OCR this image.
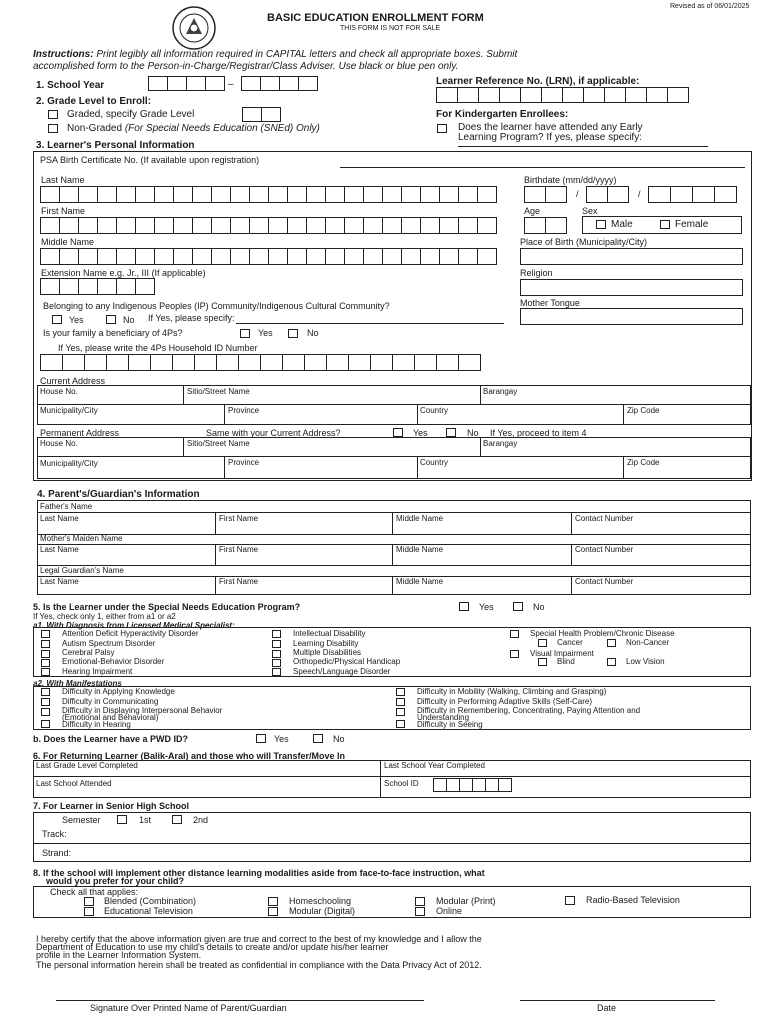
Revised as of 06/01/2025
BASIC EDUCATION ENROLLMENT FORM
THIS FORM IS NOT FOR SALE
Instructions: Print legibly all information required in CAPITAL letters and check all appropriate boxes. Submit
accomplished form to the Person-in-Charge/Registrar/Class Adviser. Use black or blue pen only.
1. School Year	–	Learner Reference No. (LRN), if applicable:
2. Grade Level to Enroll:
Graded, specify Grade Level
Non-Graded (For Special Needs Education (SNEd) Only)
For Kindergarten Enrollees:
Does the learner have attended any Early
Learning Program? If yes, please specify:
3. Learner's Personal Information
PSA Birth Certificate No. (If available upon registration)
Last Name
First Name
Middle Name
Extension Name e.g. Jr., III (If applicable)
Birthdate (mm/dd/yyyy)
/	/
Age	Sex
Male	Female
Place of Birth (Municipality/City)
Religion
Mother Tongue
Belonging to any Indigenous Peoples (IP) Community/Indigenous Cultural Community?
Yes	No If Yes, please specify:
Is your family a beneficiary of 4Ps?	Yes	No
If Yes, please write the 4Ps Household ID Number
Current Address
House No.	Sitio/Street Name	Barangay
Municipality/City	Province	Country	Zip Code
Permanent Address	Same with your Current Address?	Yes	No If Yes, proceed to item 4
House No.	Sitio/Street Name	Barangay
Municipality/City	Province	Country	Zip Code
4. Parent's/Guardian's Information
Father's Name
Last Name	First Name	Middle Name	Contact Number
Mother's Maiden Name
Last Name	First Name	Middle Name	Contact Number
Legal Guardian's Name
Last Name	First Name	Middle Name	Contact Number
5. Is the Learner under the Special Needs Education Program?	Yes	No
If Yes, check only 1, either from a1 or a2
a1. With Diagnosis from Licensed Medical Specialist:
Attention Deficit Hyperactivity Disorder
Autism Spectrum Disorder
Cerebral Palsy
Emotional-Behavior Disorder
Hearing Impairment
Intellectual Disability
Learning Disability
Multiple Disabilities
Orthopedic/Physical Handicap
Speech/Language Disorder
Special Health Problem/Chronic Disease
Cancer	Non-Cancer
Visual Impairment
Blind	Low Vision
a2. With Manifestations
Difficulty in Applying Knowledge
Difficulty in Communicating
Difficulty in Displaying Interpersonal Behavior
(Emotional and Behavioral)
Difficulty in Hearing
Difficulty in Mobility (Walking, Climbing and Grasping)
Difficulty in Performing Adaptive Skills (Self-Care)
Difficulty in Remembering, Concentrating, Paying Attention and
Understanding
Difficulty in Seeing
b. Does the Learner have a PWD ID?	Yes	No
6. For Returning Learner (Balik-Aral) and those who will Transfer/Move In
Last Grade Level Completed	Last School Year Completed
Last School Attended	School ID
7. For Learner in Senior High School
Semester	1st	2nd
Track:
Strand:
8. If the school will implement other distance learning modalities aside from face-to-face instruction, what
would you prefer for your child?
Check all that applies:
Blended (Combination)	Homeschooling	Modular (Print)	Radio-Based Television
Educational Television	Modular (Digital)	Online
I hereby certify that the above information given are true and correct to the best of my knowledge and I allow the
Department of Education to use my child's details to create and/or update his/her learner
profile in the Learner Information System.
The personal information herein shall be treated as confidential in compliance with the Data Privacy Act of 2012.
Signature Over Printed Name of Parent/Guardian	Date
